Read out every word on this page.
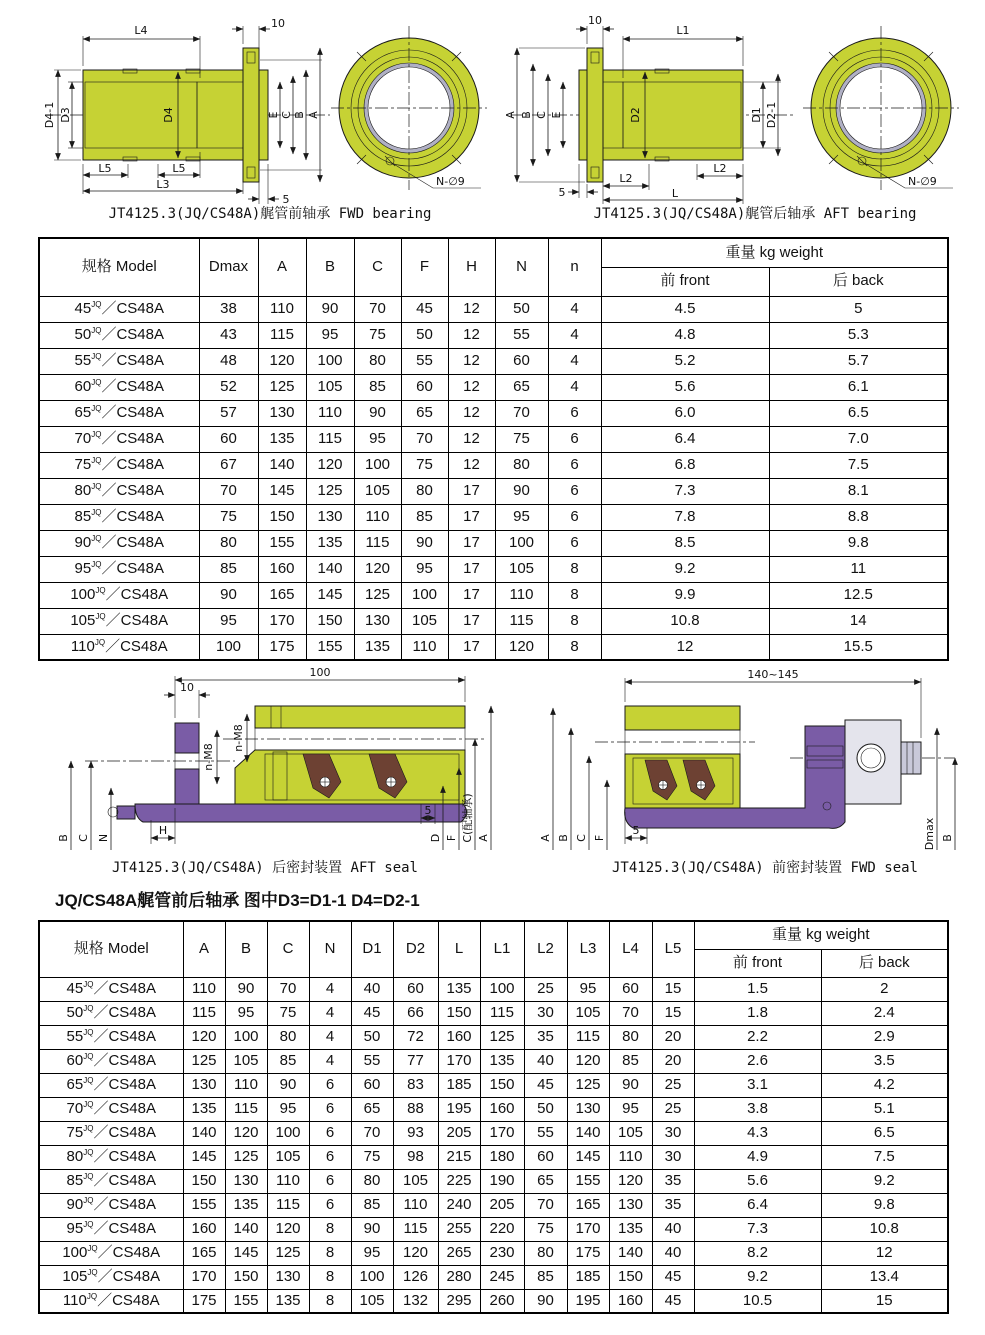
L4
10
D4-1 D3	D4	E C B A
L5	L5
L3
5
N-∅9
JT4125.3(JQ/CS48A)艉管前轴承 FWD bearing
D2
10
L1
A B C E	D1 D2-1
5
L2
L2
L
N-∅9
JT4125.3(JQ/CS48A)艉管后轴承 AFT bearing
规格 Model	Dmax	A	B	C	F	H	N	n	重量 kg weight	
									前 front	后 back
$45^{JQ}/CS48A$	38	110	90	70	45	12	50	4	4.5	5
$50^{JQ}/CS48A$	43	115	95	75	50	12	55	4	4.8	5.3
$55^{JQ}/CS48A$	48	120	100	80	55	12	60	4	5.2	5.7
$60^{JQ}/CS48A$	52	125	105	85	60	12	65	4	5.6	6.1
$65^{JQ}/CS48A$	57	130	110	90	65	12	70	6	6.0	6.5
$70^{JQ}/CS48A$	60	135	115	95	70	12	75	6	6.4	7.0
$75^{JQ}/CS48A$	67	140	120	100	75	12	80	6	6.8	7.5
$80^{JQ}/CS48A$	70	145	125	105	80	17	90	6	7.3	8.1
$85^{JQ}/CS48A$	75	150	130	110	85	17	95	6	7.8	8.8
$90^{JQ}/CS48A$	80	155	135	115	90	17	100	6	8.5	9.8
$95^{JQ}/CS48A$	85	160	140	120	95	17	105	8	9.2	11
$100^{JQ}/CS48A$	90	165	145	125	100	17	110	8	9.9	12.5
$105^{JQ}/CS48A$	95	170	150	130	105	17	115	8	10.8	14
$110^{JQ}/CS48A$	100	175	155	135	110	17	120	8	12	15.5
100
10
n-M8
n-M8
H
5
B C N	D F C(配轴承) A
JT4125.3(JQ/CS48A) 后密封装置 AFT seal
140~145
5
A B C F	Dmax B
JT4125.3(JQ/CS48A) 前密封装置 FWD seal
JQ/CS48A艉管前后轴承 图中D3=D1-1 D4=D2-1
规格 Model	A	B	C	N	D1	D2	L	L1	L2	L3	L4	L5	重量 kg weight	
													前 front	后 back
$45^{JQ}/CS48A$	110	90	70	4	40	60	135	100	25	95	60	15	1.5	2
$50^{JQ}/CS48A$	115	95	75	4	45	66	150	115	30	105	70	15	1.8	2.4
$55^{JQ}/CS48A$	120	100	80	4	50	72	160	125	35	115	80	20	2.2	2.9
$60^{JQ}/CS48A$	125	105	85	4	55	77	170	135	40	120	85	20	2.6	3.5
$65^{JQ}/CS48A$	130	110	90	6	60	83	185	150	45	125	90	25	3.1	4.2
$70^{JQ}/CS48A$	135	115	95	6	65	88	195	160	50	130	95	25	3.8	5.1
$75^{JQ}/CS48A$	140	120	100	6	70	93	205	170	55	140	105	30	4.3	6.5
$80^{JQ}/CS48A$	145	125	105	6	75	98	215	180	60	145	110	30	4.9	7.5
$85^{JQ}/CS48A$	150	130	110	6	80	105	225	190	65	155	120	35	5.6	9.2
$90^{JQ}/CS48A$	155	135	115	6	85	110	240	205	70	165	130	35	6.4	9.8
$95^{JQ}/CS48A$	160	140	120	8	90	115	255	220	75	170	135	40	7.3	10.8
$100^{JQ}/CS48A$	165	145	125	8	95	120	265	230	80	175	140	40	8.2	12
$105^{JQ}/CS48A$	170	150	130	8	100	126	280	245	85	185	150	45	9.2	13.4
$110^{JQ}/CS48A$	175	155	135	8	105	132	295	260	90	195	160	45	10.5	15
